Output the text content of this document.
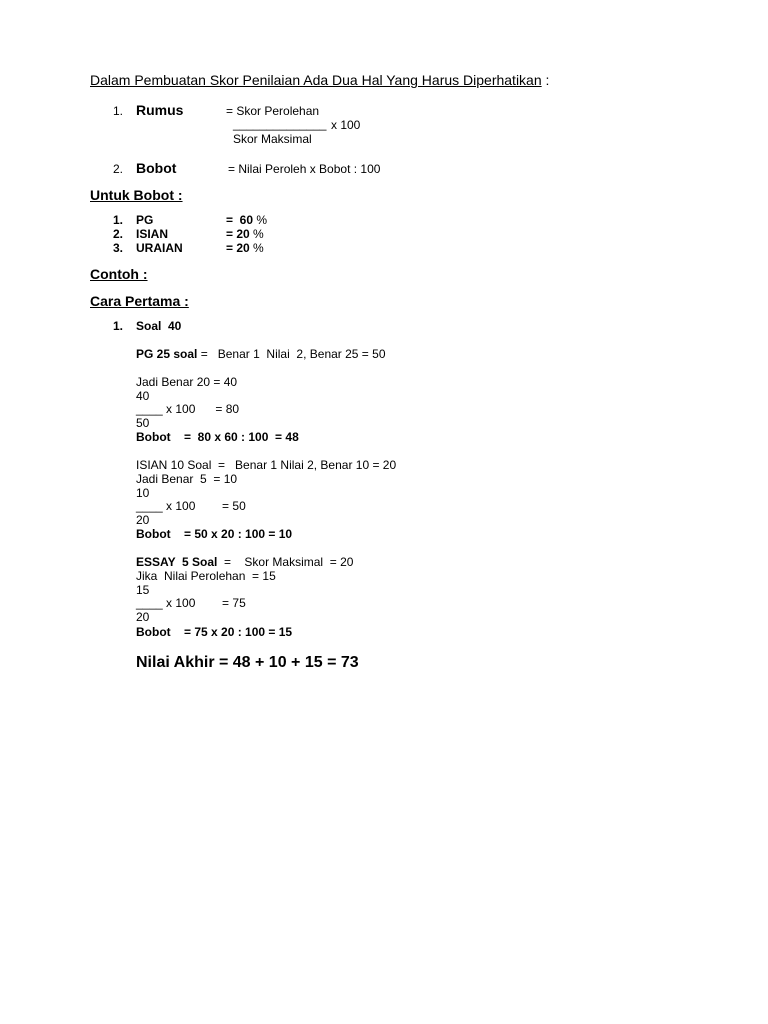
Dalam Pembuatan Skor Penilaian Ada Dua Hal Yang Harus Diperhatikan :
1. Rumus	= Skor Perolehan
______________ x 100
Skor Maksimal
2. Bobot	= Nilai Peroleh x Bobot : 100
Untuk Bobot :
1. PG	=  60 %
2. ISIAN	= 20 %
3. URAIAN	= 20 %
Contoh :
Cara Pertama :
1. Soal  40
PG 25 soal =   Benar 1  Nilai  2, Benar 25 = 50
Jadi Benar 20 = 40
40
____ x 100      = 80
50
Bobot    =  80 x 60 : 100  = 48
ISIAN 10 Soal  =   Benar 1 Nilai 2, Benar 10 = 20
Jadi Benar  5  = 10
10
____ x 100        = 50
20
Bobot    = 50 x 20 : 100 = 10
ESSAY  5 Soal  =    Skor Maksimal  = 20
Jika  Nilai Perolehan  = 15
15
____ x 100        = 75
20
Bobot    = 75 x 20 : 100 = 15
Nilai Akhir = 48 + 10 + 15 = 73
